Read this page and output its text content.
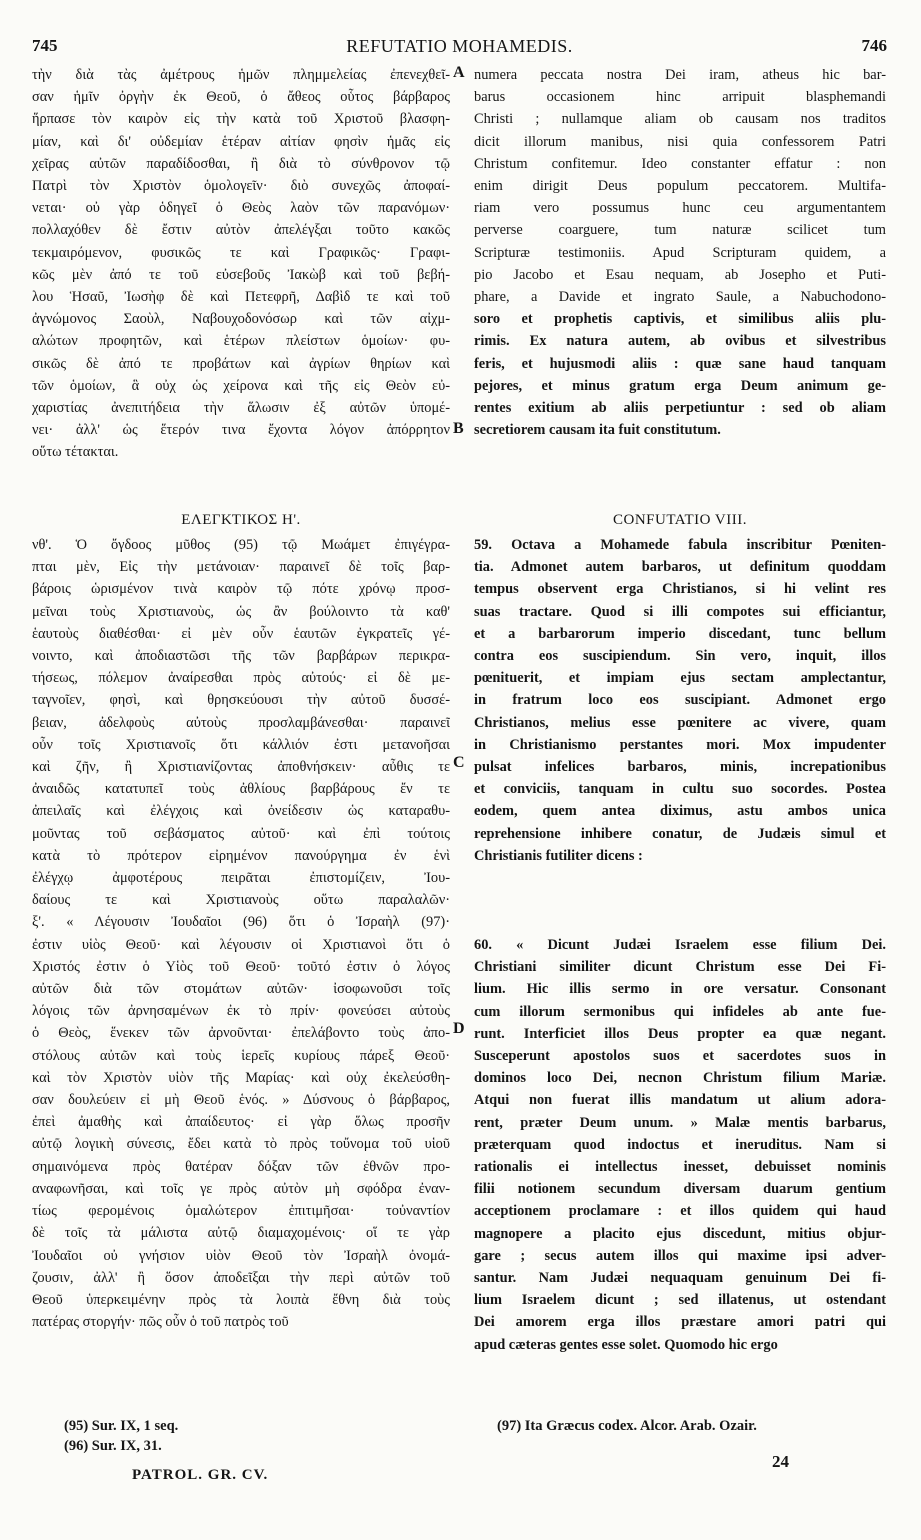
745	REFUTATIO MOHAMEDIS.	746
τὴν διὰ τὰς ἀμέτρους ἡμῶν πλημμελείας ἐπενεχθεῖ-
σαν ἡμῖν ὀργὴν ἐκ Θεοῦ, ὁ ἄθεος οὗτος βάρβαρος
ἥρπασε τὸν καιρὸν εἰς τὴν κατὰ τοῦ Χριστοῦ βλασφη-
μίαν, καὶ δι' οὐδεμίαν ἑτέραν αἰτίαν φησὶν ἡμᾶς εἰς
χεῖρας αὐτῶν παραδίδοσθαι, ἢ διὰ τὸ σύνθρονον τῷ
Πατρὶ τὸν Χριστὸν ὁμολογεῖν· διὸ συνεχῶς ἀποφαί-
νεται· οὐ γὰρ ὁδηγεῖ ὁ Θεὸς λαὸν τῶν παρανόμων·
πολλαχόθεν δὲ ἔστιν αὐτὸν ἀπελέγξαι τοῦτο κακῶς
τεκμαιρόμενον, φυσικῶς τε καὶ Γραφικῶς· Γραφι-
κῶς μὲν ἀπό τε τοῦ εὐσεβοῦς Ἰακὼβ καὶ τοῦ βεβή-
λου Ἡσαῦ, Ἰωσὴφ δὲ καὶ Πετεφρῆ, Δαβὶδ τε καὶ τοῦ
ἀγνώμονος Σαοὺλ, Ναβουχοδονόσωρ καὶ τῶν αἰχμ-
αλώτων προφητῶν, καὶ ἑτέρων πλείστων ὁμοίων· φυ-
σικῶς δὲ ἀπό τε προβάτων καὶ ἀγρίων θηρίων καὶ
τῶν ὁμοίων, ἃ οὐχ ὡς χείρονα καὶ τῆς εἰς Θεὸν εὐ-
χαριστίας ἀνεπιτήδεια τὴν ἅλωσιν ἐξ αὐτῶν ὑπομέ-
νει· ἀλλ' ὡς ἕτερόν τινα ἔχοντα λόγον ἀπόρρητον
οὕτω τέτακται.
numera peccata nostra Dei iram, atheus hic bar-
barus occasionem hinc arripuit blasphemandi
Christi ; nullamque aliam ob causam nos traditos
dicit illorum manibus, nisi quia confessorem Patri
Christum confitemur. Ideo constanter effatur : non
enim dirigit Deus populum peccatorem. Multifa-
riam vero possumus hunc ceu argumentantem
perverse coarguere, tum naturæ scilicet tum
Scripturæ testimoniis. Apud Scripturam quidem, a
pio Jacobo et Esau nequam, ab Josepho et Puti-
phare, a Davide et ingrato Saule, a Nabuchodono-
soro et prophetis captivis, et similibus aliis plu-
rimis. Ex natura autem, ab ovibus et silvestribus
feris, et hujusmodi aliis : quæ sane haud tanquam
pejores, et minus gratum erga Deum animum ge-
rentes exitium ab aliis perpetiuntur : sed ob aliam
secretiorem causam ita fuit constitutum.
A
B
C
D
ΕΛΕΓΚΤΙΚΟΣ Η'.	CONFUTATIO VIII.
νθ'. Ὁ ὄγδοος μῦθος (95) τῷ Μωάμετ ἐπιγέγρα-
πται μὲν, Εἰς τὴν μετάνοιαν· παραινεῖ δὲ τοῖς βαρ-
βάροις ὡρισμένον τινὰ καιρὸν τῷ πότε χρόνῳ προσ-
μεῖναι τοὺς Χριστιανοὺς, ὡς ἂν βούλοιντο τὰ καθ'
ἑαυτοὺς διαθέσθαι· εἰ μὲν οὖν ἑαυτῶν ἐγκρατεῖς γέ-
νοιντο, καὶ ἀποδιαστῶσι τῆς τῶν βαρβάρων περικρα-
τήσεως, πόλεμον ἀναίρεσθαι πρὸς αὐτούς· εἰ δὲ με-
ταγνοῖεν, φησὶ, καὶ θρησκεύουσι τὴν αὐτοῦ δυσσέ-
βειαν, ἀδελφοὺς αὐτοὺς προσλαμβάνεσθαι· παραινεῖ
οὖν τοῖς Χριστιανοῖς ὅτι κάλλιόν ἐστι μετανοῆσαι
καὶ ζῆν, ἢ Χριστιανίζοντας ἀποθνήσκειν· αὖθις τε
ἀναιδῶς κατατυπεῖ τοὺς ἀθλίους βαρβάρους ἔν τε
ἀπειλαῖς καὶ ἐλέγχοις καὶ ὀνείδεσιν ὡς καταραθυ-
μοῦντας τοῦ σεβάσματος αὐτοῦ· καὶ ἐπὶ τούτοις
κατὰ τὸ πρότερον εἰρημένον πανούργημα ἐν ἑνὶ
ἐλέγχῳ ἀμφοτέρους πειρᾶται ἐπιστομίζειν, Ἰου-
δαίους τε καὶ Χριστιανοὺς οὕτω παραλαλῶν·
ξ'. « Λέγουσιν Ἰουδαῖοι (96) ὅτι ὁ Ἰσραὴλ (97)·
ἐστιν υἱὸς Θεοῦ· καὶ λέγουσιν οἱ Χριστιανοὶ ὅτι ὁ
Χριστός ἐστιν ὁ Υἱὸς τοῦ Θεοῦ· τοῦτό ἐστιν ὁ λόγος
αὐτῶν διὰ τῶν στομάτων αὐτῶν· ἰσοφωνοῦσι τοῖς
λόγοις τῶν ἀρνησαμένων ἐκ τὸ πρίν· φονεύσει αὐτοὺς
ὁ Θεὸς, ἕνεκεν τῶν ἀρνοῦνται· ἐπελάβοντο τοὺς ἀπο-
στόλους αὐτῶν καὶ τοὺς ἱερεῖς κυρίους πάρεξ Θεοῦ·
καὶ τὸν Χριστὸν υἱὸν τῆς Μαρίας· καὶ οὐχ ἐκελεύσθη-
σαν δουλεύειν εἰ μὴ Θεοῦ ἑνός. » Δύσνους ὁ βάρβαρος,
ἐπεὶ ἀμαθὴς καὶ ἀπαίδευτος· εἰ γὰρ ὅλως προσῆν
αὐτῷ λογικὴ σύνεσις, ἔδει κατὰ τὸ πρὸς τοὔνομα τοῦ υἱοῦ
σημαινόμενα πρὸς θατέραν δόξαν τῶν ἐθνῶν προ-
αναφωνῆσαι, καὶ τοῖς γε πρὸς αὐτὸν μὴ σφόδρα ἐναν-
τίως φερομένοις ὁμαλώτερον ἐπιτιμῆσαι· τοὐναντίον
δὲ τοῖς τὰ μάλιστα αὐτῷ διαμαχομένοις· οἵ τε γὰρ
Ἰουδαῖοι οὐ γνήσιον υἱὸν Θεοῦ τὸν Ἰσραὴλ ὀνομά-
ζουσιν, ἀλλ' ἢ ὅσον ἀποδεῖξαι τὴν περὶ αὐτῶν τοῦ
Θεοῦ ὑπερκειμένην πρὸς τὰ λοιπὰ ἔθνη διὰ τοὺς
πατέρας στοργήν· πῶς οὖν ὁ τοῦ πατρὸς τοῦ
59. Octava a Mohamede fabula inscribitur Pœniten-
tia. Admonet autem barbaros, ut definitum quoddam
tempus observent erga Christianos, si hi velint res
suas tractare. Quod si illi compotes sui efficiantur,
et a barbarorum imperio discedant, tunc bellum
contra eos suscipiendum. Sin vero, inquit, illos
pœnituerit, et impiam ejus sectam amplectantur,
in fratrum loco eos suscipiant. Admonet ergo
Christianos, melius esse pœnitere ac vivere, quam
in Christianismo perstantes mori. Mox impudenter
pulsat infelices barbaros, minis, increpationibus
et conviciis, tanquam in cultu suo socordes. Postea
eodem, quem antea diximus, astu ambos unica
reprehensione inhibere conatur, de Judæis simul et
Christianis futiliter dicens :
60. « Dicunt Judæi Israelem esse filium Dei.
Christiani similiter dicunt Christum esse Dei Fi-
lium. Hic illis sermo in ore versatur. Consonant
cum illorum sermonibus qui infideles ab ante fue-
runt. Interficiet illos Deus propter ea quæ negant.
Susceperunt apostolos suos et sacerdotes suos in
dominos loco Dei, necnon Christum filium Mariæ.
Atqui non fuerat illis mandatum ut alium adora-
rent, præter Deum unum. » Malæ mentis barbarus,
præterquam quod indoctus et ineruditus. Nam si
rationalis ei intellectus inesset, debuisset nominis
filii notionem secundum diversam duarum gentium
acceptionem proclamare : et illos quidem qui haud
magnopere a placito ejus discedunt, mitius objur-
gare ; secus autem illos qui maxime ipsi adver-
santur. Nam Judæi nequaquam genuinum Dei fi-
lium Israelem dicunt ; sed illatenus, ut ostendant
Dei amorem erga illos præstare amori patri qui
apud cæteras gentes esse solet. Quomodo hic ergo
(95) Sur. IX, 1 seq.
(96) Sur. IX, 31.
(97) Ita Græcus codex. Alcor. Arab. Ozair.
PATROL. GR. CV.
24
